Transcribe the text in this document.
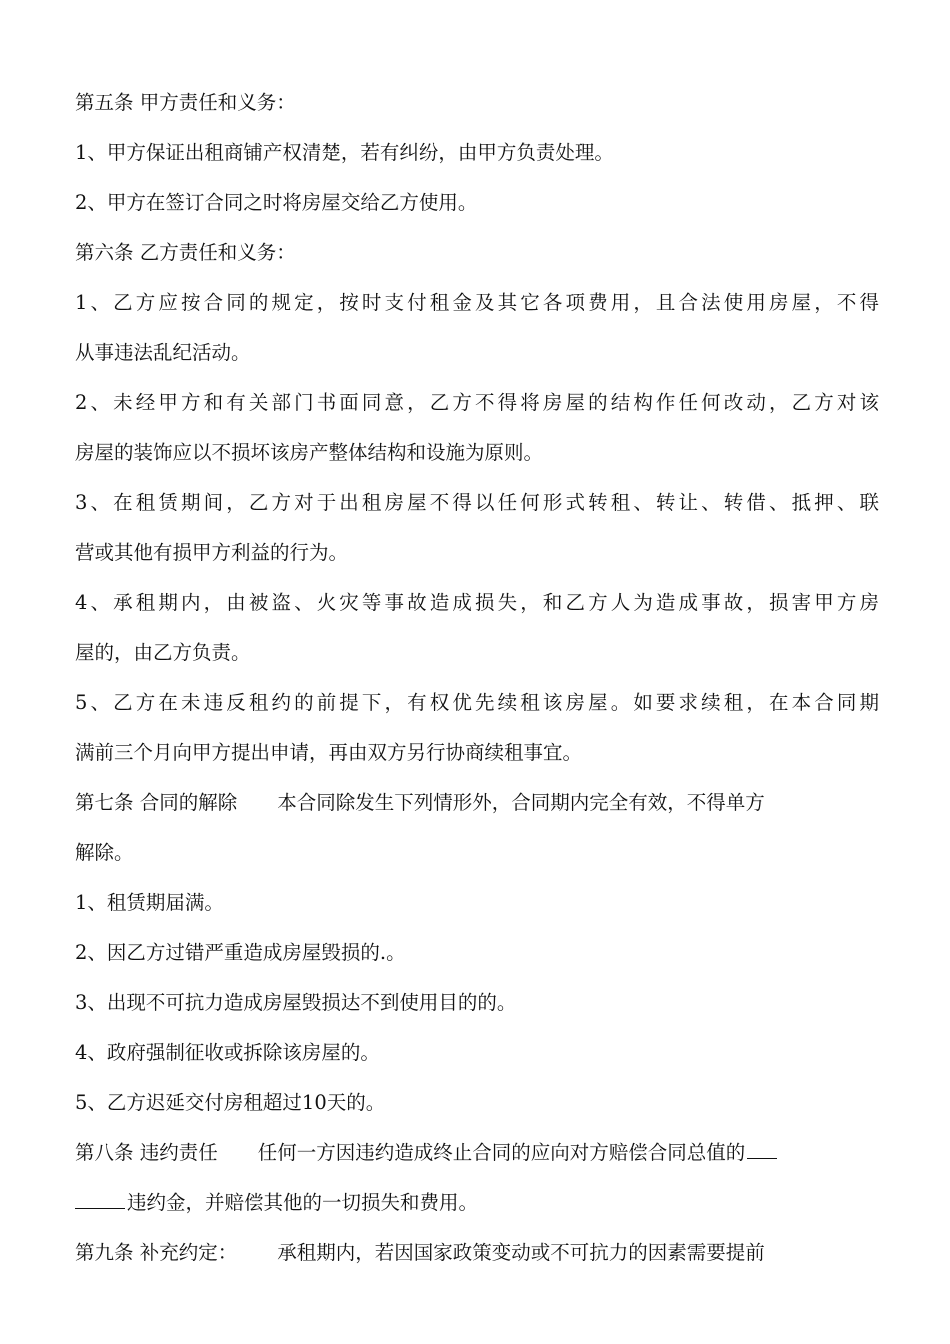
第五条 甲方责任和义务：
1、甲方保证出租商铺产权清楚，若有纠纷，由甲方负责处理。
2、甲方在签订合同之时将房屋交给乙方使用。
第六条 乙方责任和义务：
1、乙方应按合同的规定，按时支付租金及其它各项费用，且合法使用房屋，不得
从事违法乱纪活动。
2、未经甲方和有关部门书面同意，乙方不得将房屋的结构作任何改动，乙方对该
房屋的装饰应以不损坏该房产整体结构和设施为原则。
3、在租赁期间，乙方对于出租房屋不得以任何形式转租、转让、转借、抵押、联
营或其他有损甲方利益的行为。
4、承租期内，由被盗、火灾等事故造成损失，和乙方人为造成事故，损害甲方房
屋的，由乙方负责。
5、乙方在未违反租约的前提下，有权优先续租该房屋。如要求续租，在本合同期
满前三个月向甲方提出申请，再由双方另行协商续租事宜。
第七条 合同的解除 本合同除发生下列情形外，合同期内完全有效，不得单方
解除。
1、租赁期届满。
2、因乙方过错严重造成房屋毁损的.。
3、出现不可抗力造成房屋毁损达不到使用目的的。
4、政府强制征收或拆除该房屋的。
5、乙方迟延交付房租超过10天的。
第八条 违约责任 任何一方因违约造成终止合同的应向对方赔偿合同总值的
违约金，并赔偿其他的一切损失和费用。
第九条 补充约定： 承租期内，若因国家政策变动或不可抗力的因素需要提前
